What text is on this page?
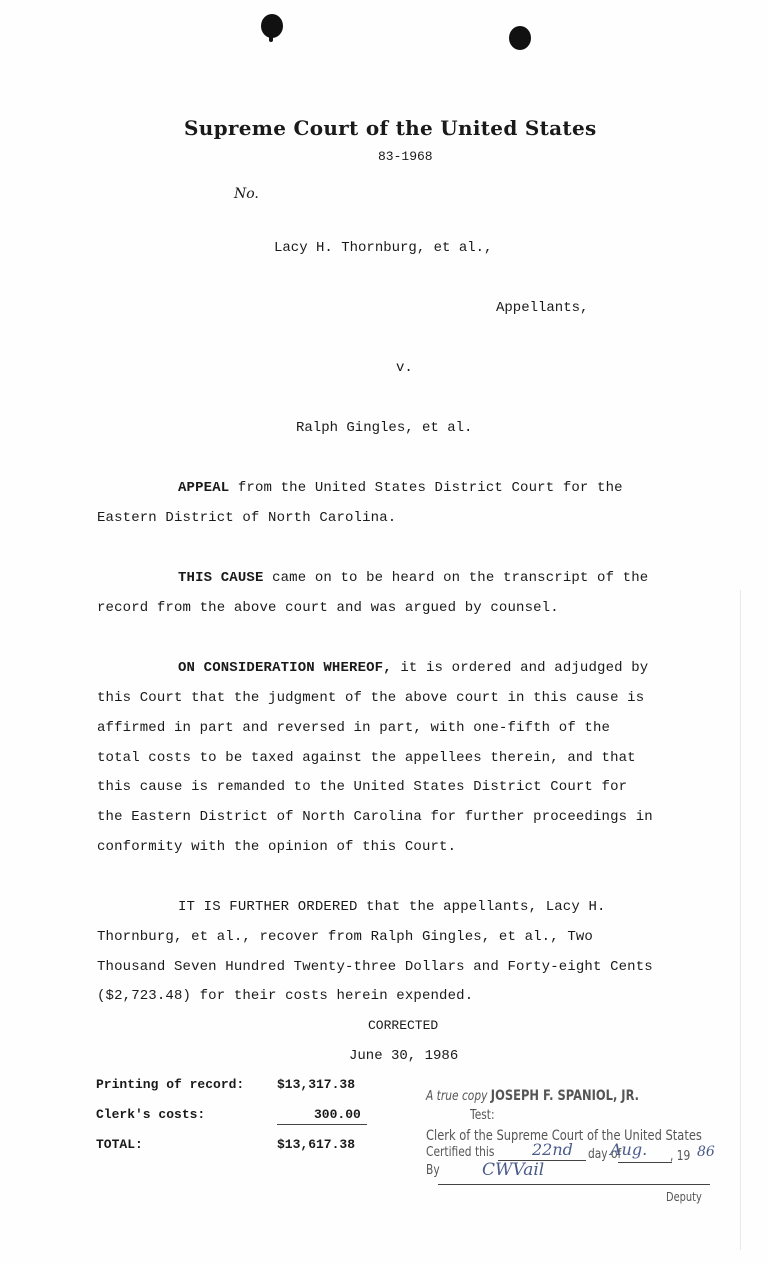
Supreme Court of the United States
83-1968
No.
Lacy H. Thornburg, et al.,
Appellants,
v.
Ralph Gingles, et al.
APPEAL from the United States District Court for the
Eastern District of North Carolina.
THIS CAUSE came on to be heard on the transcript of the
record from the above court and was argued by counsel.
ON CONSIDERATION WHEREOF, it is ordered and adjudged by
this Court that the judgment of the above court in this cause is
affirmed in part and reversed in part, with one-fifth of the
total costs to be taxed against the appellees therein, and that
this cause is remanded to the United States District Court for
the Eastern District of North Carolina for further proceedings in
conformity with the opinion of this Court.
IT IS FURTHER ORDERED that the appellants, Lacy H.
Thornburg, et al., recover from Ralph Gingles, et al., Two
Thousand Seven Hundred Twenty-three Dollars and Forty-eight Cents
($2,723.48) for their costs herein expended.
CORRECTED
June 30, 1986
Printing of record:	$13,317.38
Clerk's costs:	300.00
TOTAL:	$13,617.38
A true copy JOSEPH F. SPANIOL, JR.
Test:
Clerk of the Supreme Court of the United States
Certified this 22nd day of
Aug. , 19 86
By CWVail
Deputy
